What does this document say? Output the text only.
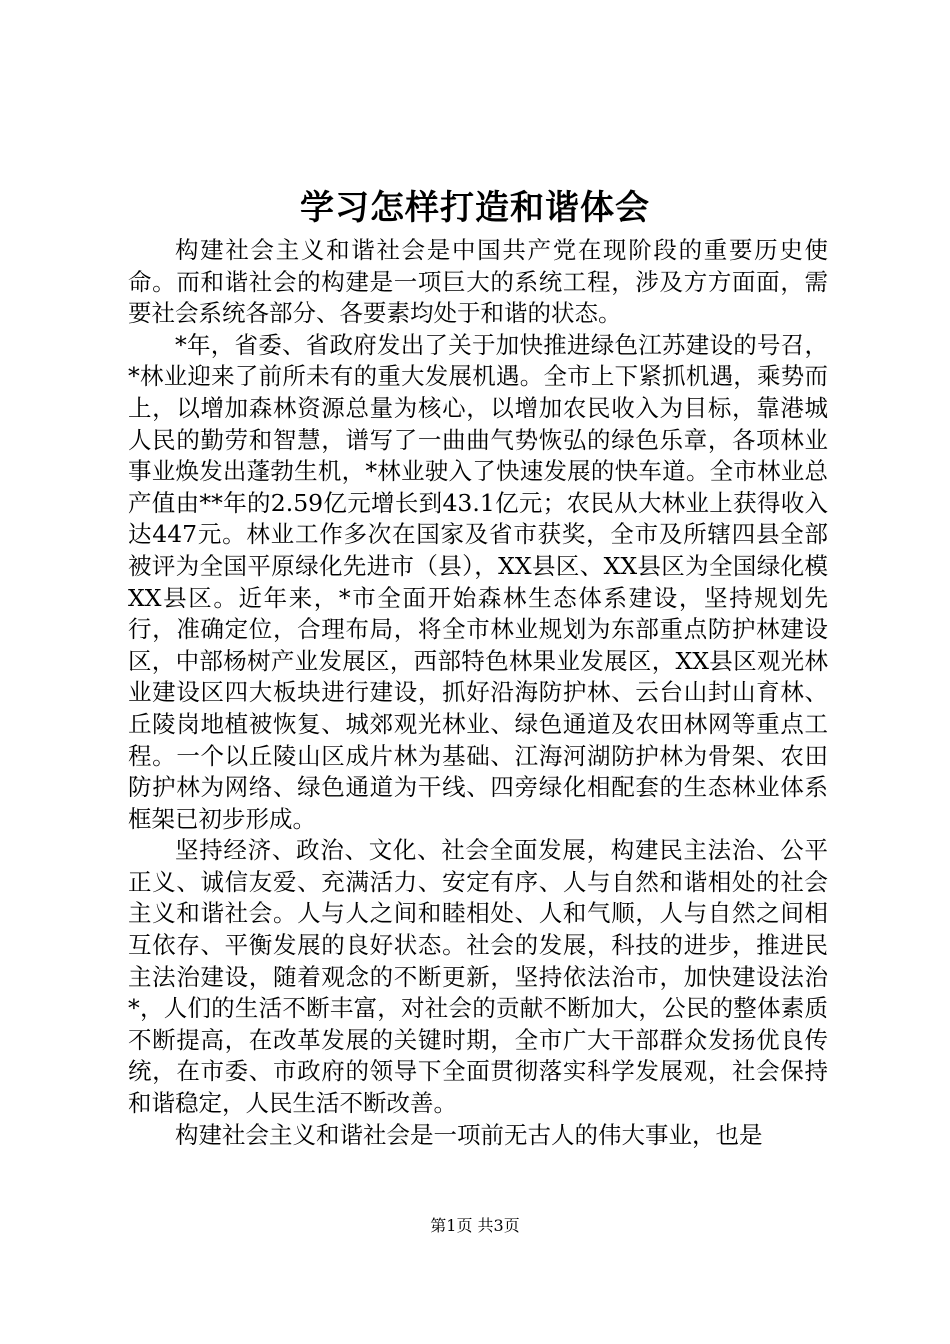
学习怎样打造和谐体会

构建社会主义和谐社会是中国共产党在现阶段的重要历史使命。而和谐社会的构建是一项巨大的系统工程，涉及方方面面，需要社会系统各部分、各要素均处于和谐的状态。

*年，省委、省政府发出了关于加快推进绿色江苏建设的号召，*林业迎来了前所未有的重大发展机遇。全市上下紧抓机遇，乘势而上，以增加森林资源总量为核心，以增加农民收入为目标，靠港城人民的勤劳和智慧，谱写了一曲曲气势恢弘的绿色乐章，各项林业事业焕发出蓬勃生机，*林业驶入了快速发展的快车道。全市林业总产值由**年的2.59亿元增长到43.1亿元；农民从大林业上获得收入达447元。林业工作多次在国家及省市获奖，全市及所辖四县全部被评为全国平原绿化先进市（县），XX县区、XX县区为全国绿化模XX县区。近年来，*市全面开始森林生态体系建设，坚持规划先行，准确定位，合理布局，将全市林业规划为东部重点防护林建设区，中部杨树产业发展区，西部特色林果业发展区，XX县区观光林业建设区四大板块进行建设，抓好沿海防护林、云台山封山育林、丘陵岗地植被恢复、城郊观光林业、绿色通道及农田林网等重点工程。一个以丘陵山区成片林为基础、江海河湖防护林为骨架、农田防护林为网络、绿色通道为干线、四旁绿化相配套的生态林业体系框架已初步形成。

坚持经济、政治、文化、社会全面发展，构建民主法治、公平正义、诚信友爱、充满活力、安定有序、人与自然和谐相处的社会主义和谐社会。人与人之间和睦相处、人和气顺，人与自然之间相互依存、平衡发展的良好状态。社会的发展，科技的进步，推进民主法治建设，随着观念的不断更新，坚持依法治市，加快建设法治*，人们的生活不断丰富，对社会的贡献不断加大，公民的整体素质不断提高，在改革发展的关键时期，全市广大干部群众发扬优良传统，在市委、市政府的领导下全面贯彻落实科学发展观，社会保持和谐稳定，人民生活不断改善。

构建社会主义和谐社会是一项前无古人的伟大事业，也是

第1页 共3页
